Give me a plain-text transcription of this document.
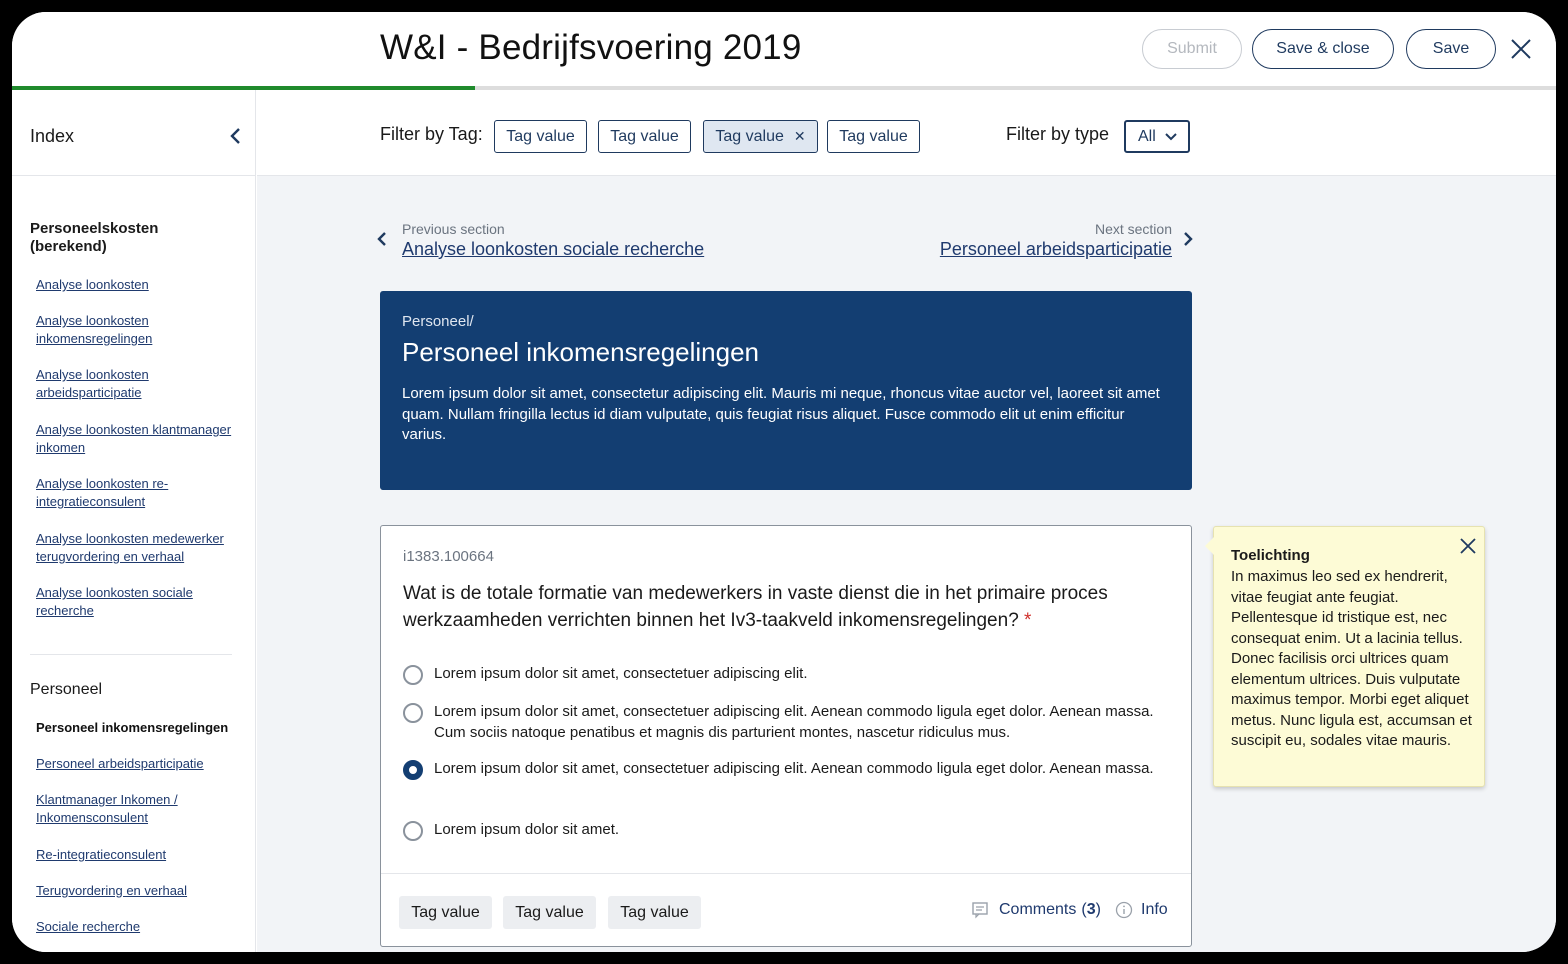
W&I - Bedrijfsvoering 2019	Submit	Save & close	Save
Index
Personeelskosten (berekend)
Analyse loonkosten
Analyse loonkosten inkomensregelingen
Analyse loonkosten arbeidsparticipatie
Analyse loonkosten klantmanager inkomen
Analyse loonkosten re-integratieconsulent
Analyse loonkosten medewerker terugvordering en verhaal
Analyse loonkosten sociale recherche
Personeel
Personeel inkomensregelingen
Personeel arbeidsparticipatie
Klantmanager Inkomen / Inkomensconsulent
Re-integratieconsulent
Terugvordering en verhaal
Sociale recherche
Filter by Tag:	Tag value	Tag value	Tag value ✕	Tag value	Filter by type All
Previous section
Analyse loonkosten sociale recherche
Next section
Personeel arbeidsparticipatie
Personeel/
Personeel inkomensregelingen
Lorem ipsum dolor sit amet, consectetur adipiscing elit. Mauris mi neque, rhoncus vitae auctor vel, laoreet sit amet quam. Nullam fringilla lectus id diam vulputate, quis feugiat risus aliquet. Fusce commodo elit ut enim efficitur varius.
i1383.100664
Wat is de totale formatie van medewerkers in vaste dienst die in het primaire proces werkzaamheden verrichten binnen het Iv3-taakveld inkomensregelingen? *
Lorem ipsum dolor sit amet, consectetuer adipiscing elit.
Lorem ipsum dolor sit amet, consectetuer adipiscing elit. Aenean commodo ligula eget dolor. Aenean massa. Cum sociis natoque penatibus et magnis dis parturient montes, nascetur ridiculus mus.
Lorem ipsum dolor sit amet, consectetuer adipiscing elit. Aenean commodo ligula eget dolor. Aenean massa.
Lorem ipsum dolor sit amet.
Tag value	Tag value	Tag value	Comments ( 3 )	Info
Toelichting
In maximus leo sed ex hendrerit, vitae feugiat ante feugiat. Pellentesque id tristique est, nec consequat enim. Ut a lacinia tellus. Donec facilisis orci ultrices quam elementum ultrices. Duis vulputate maximus tempor. Morbi eget aliquet metus. Nunc ligula est, accumsan et suscipit eu, sodales vitae mauris.
